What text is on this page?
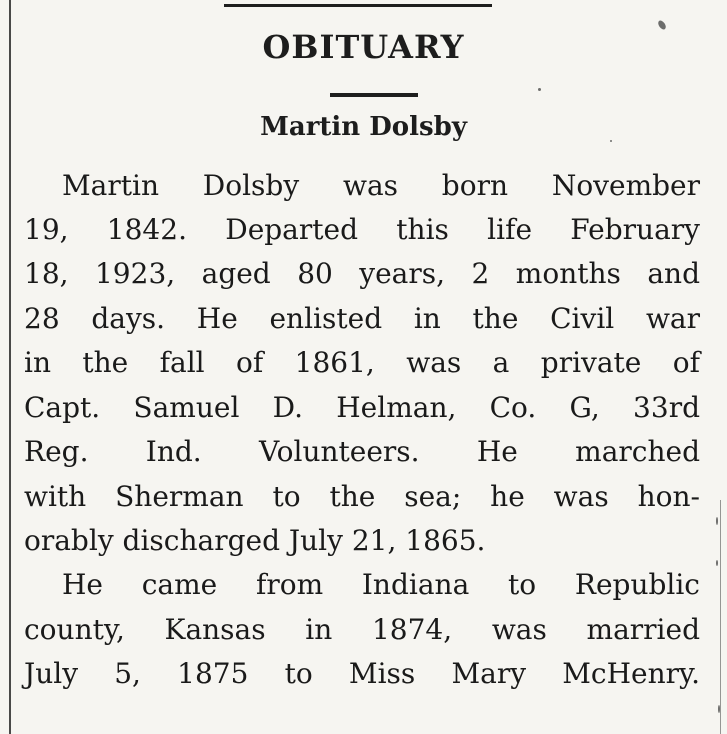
OBITUARY
Martin Dolsby
Martin Dolsby was born November
19, 1842. Departed this life February
18, 1923, aged 80 years, 2 months and
28 days. He enlisted in the Civil war
in the fall of 1861, was a private of
Capt. Samuel D. Helman, Co. G, 33rd
Reg. Ind. Volunteers. He marched
with Sherman to the sea; he was hon-
orably discharged July 21, 1865.
He came from Indiana to Republic
county, Kansas in 1874, was married
July 5, 1875 to Miss Mary McHenry.
